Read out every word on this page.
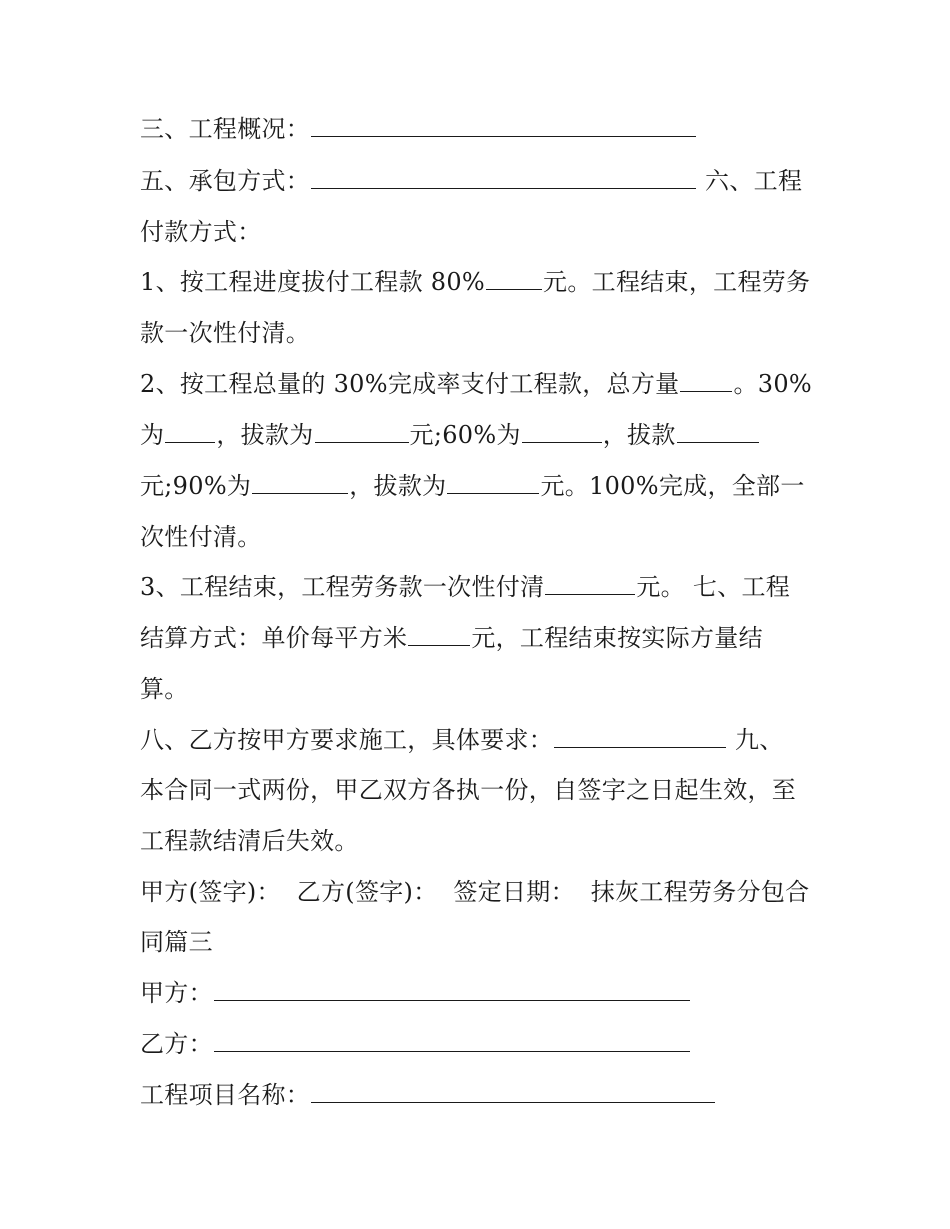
三、工程概况：
五、承包方式：	六、工程
付款方式：
1、按工程进度拔付工程款 80% 元。工程结束，工程劳务
款一次性付清。
2、按工程总量的 30%完成率支付工程款，总方量 。30%
为 ，拔款为	元;60%为	，拔款
元;90%为	，拔款为	元。100%完成，全部一
次性付清。
3、工程结束，工程劳务款一次性付清	元。 七、工程
结算方式：单价每平方米	元，工程结束按实际方量结
算。
八、乙方按甲方要求施工，具体要求：	九、
本合同一式两份，甲乙双方各执一份，自签字之日起生效，至
工程款结清后失效。
甲方(签字)：  乙方(签字)：  签定日期：  抹灰工程劳务分包合
同篇三
甲方：
乙方：
工程项目名称：
